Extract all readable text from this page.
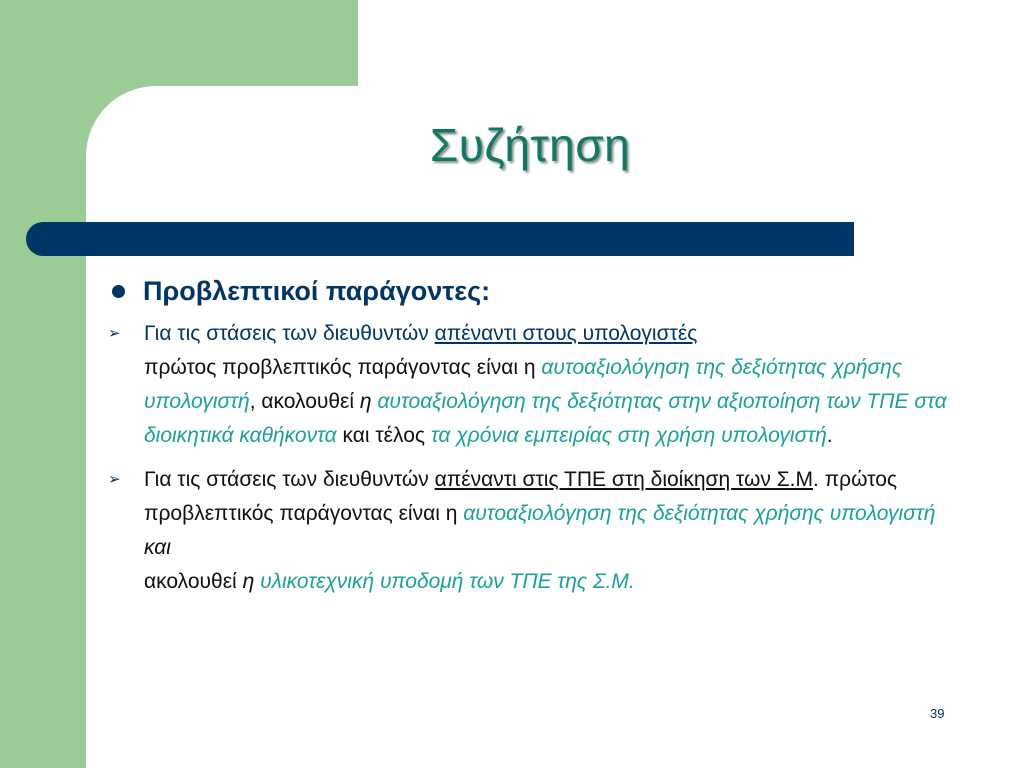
Συζήτηση
Προβλεπτικοί παράγοντες:
➢ Για τις στάσεις των διευθυντών απέναντι στους υπολογιστές
πρώτος προβλεπτικός παράγοντας είναι η αυτοαξιολόγηση της δεξιότητας χρήσης υπολογιστή, ακολουθεί η αυτοαξιολόγηση της δεξιότητας στην αξιοποίηση των ΤΠΕ στα διοικητικά καθήκοντα και τέλος τα χρόνια εμπειρίας στη χρήση υπολογιστή.
➢ Για τις στάσεις των διευθυντών απέναντι στις ΤΠΕ στη διοίκηση των Σ.Μ. πρώτος προβλεπτικός παράγοντας είναι η αυτοαξιολόγηση της δεξιότητας χρήσης υπολογιστή και
ακολουθεί η υλικοτεχνική υποδομή των ΤΠΕ της Σ.Μ.
39
